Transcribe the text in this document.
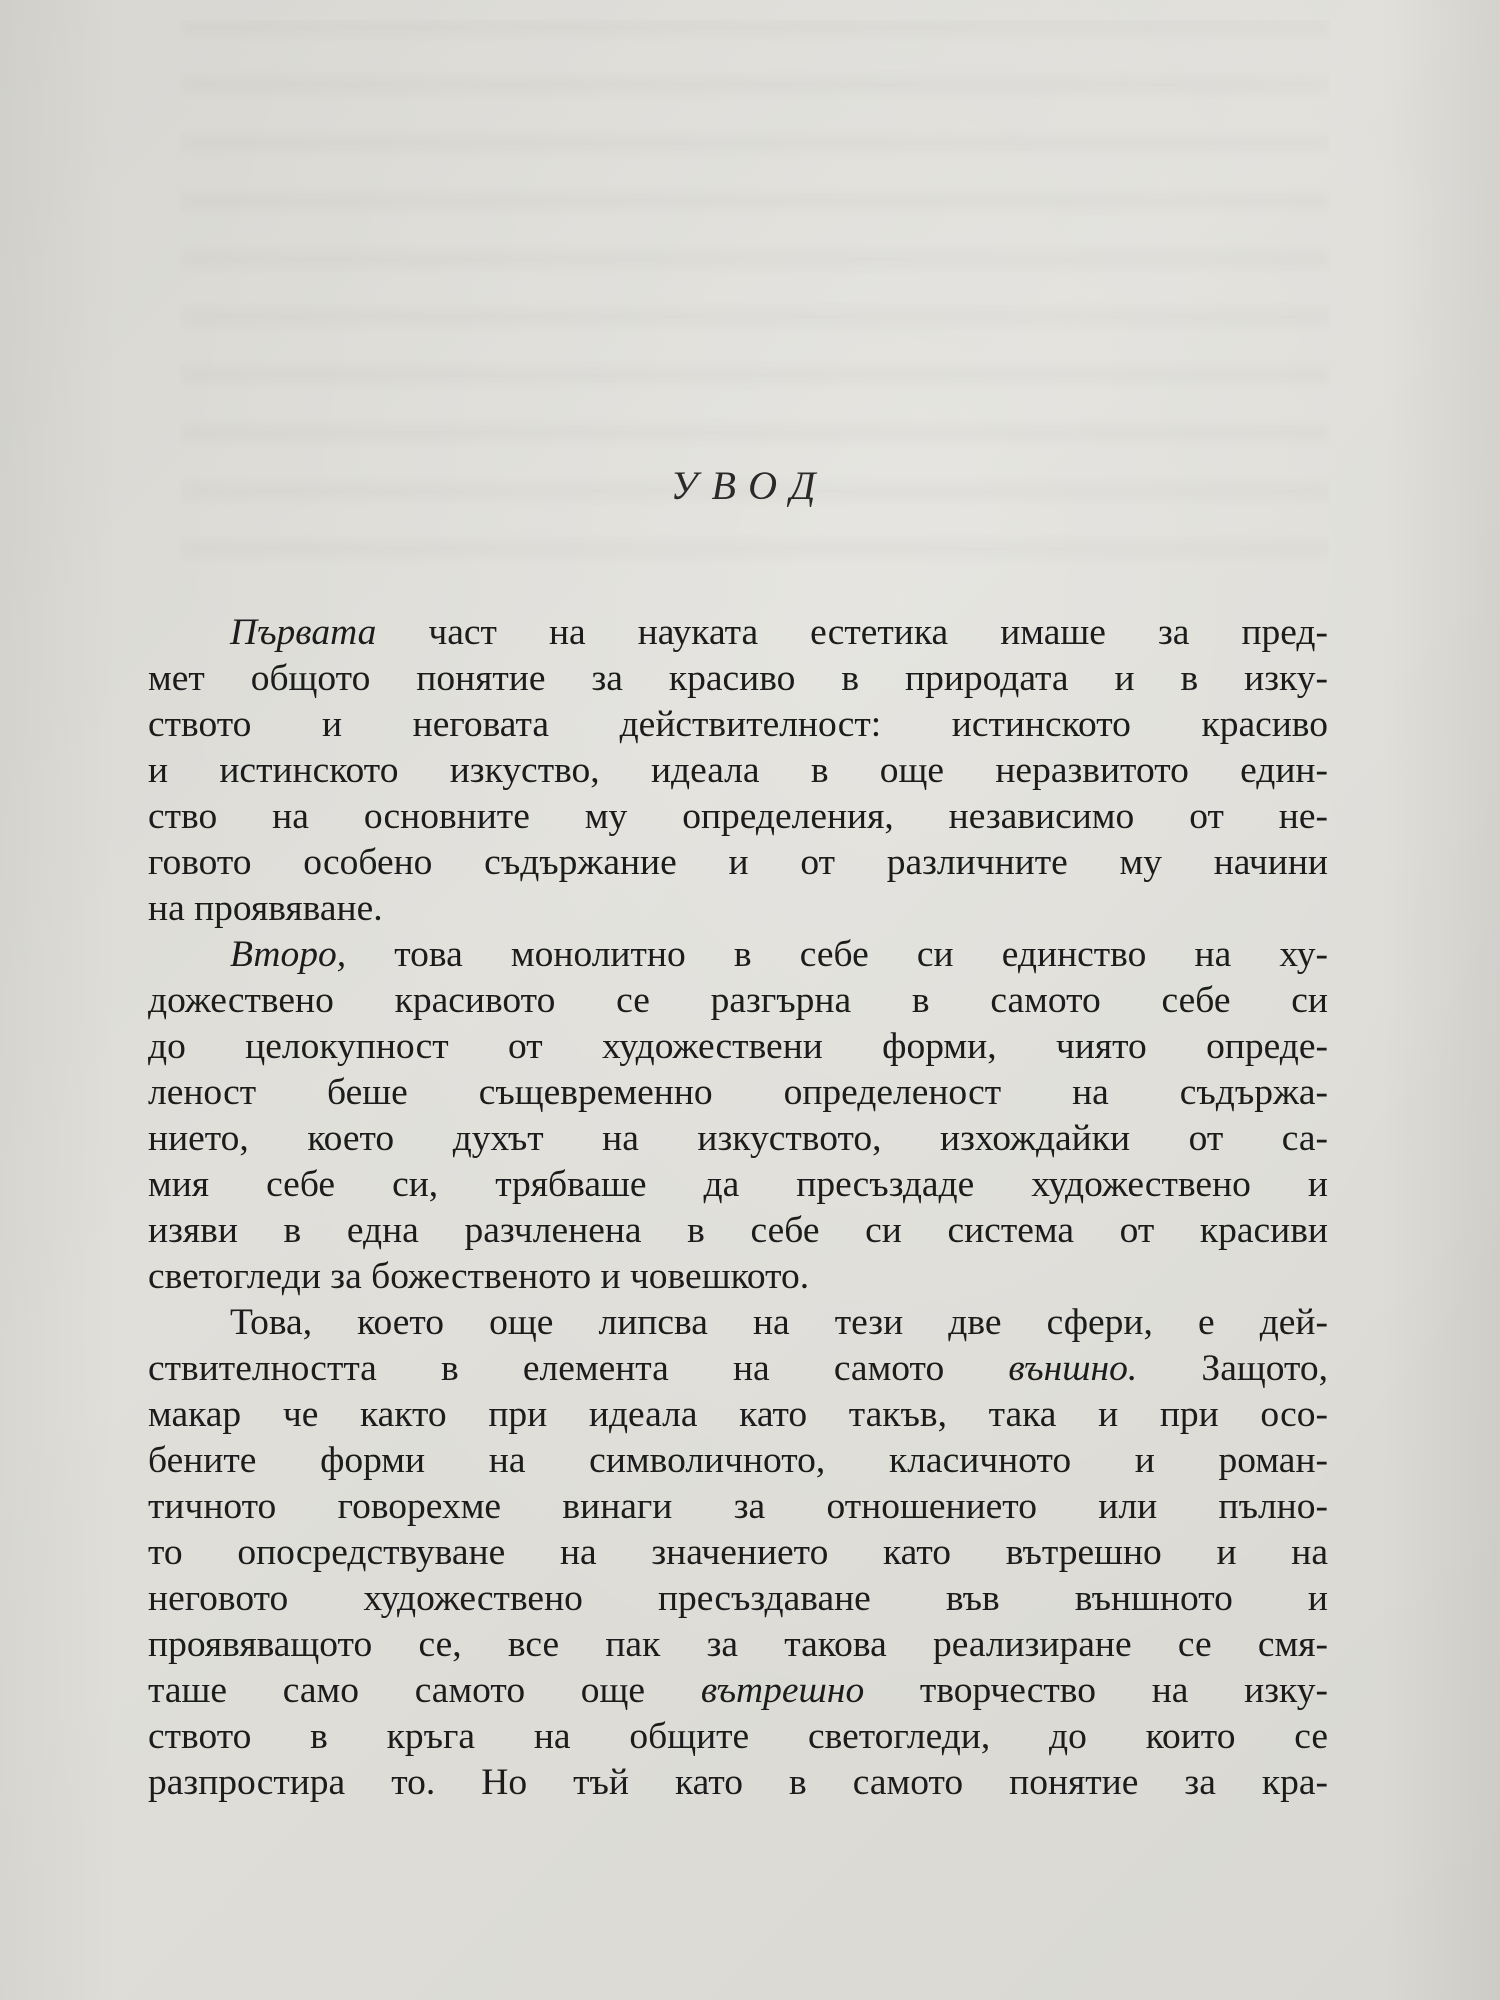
УВОД
Първата част на науката естетика имаше за пред-
мет общото понятие за красиво в природата и в изку-
ството и неговата действителност: истинското красиво
и истинското изкуство, идеала в още неразвитото един-
ство на основните му определения, независимо от не-
говото особено съдържание и от различните му начини
на проявяване.
Второ, това монолитно в себе си единство на ху-
дожествено красивото се разгърна в самото себе си
до целокупност от художествени форми, чиято опреде-
леност беше същевременно определеност на съдържа-
нието, което духът на изкуството, изхождайки от са-
мия себе си, трябваше да пресъздаде художествено и
изяви в една разчленена в себе си система от красиви
светогледи за божественото и човешкото.
Това, което още липсва на тези две сфери, е дей-
ствителността в елемента на самото външно. Защото,
макар че както при идеала като такъв, така и при осо-
бените форми на символичното, класичното и роман-
тичното говорехме винаги за отношението или пълно-
то опосредствуване на значението като вътрешно и на
неговото художествено пресъздаване във външното и
проявяващото се, все пак за такова реализиране се смя-
таше само самото още вътрешно творчество на изку-
ството в кръга на общите светогледи, до които се
разпростира то. Но тъй като в самото понятие за кра-
